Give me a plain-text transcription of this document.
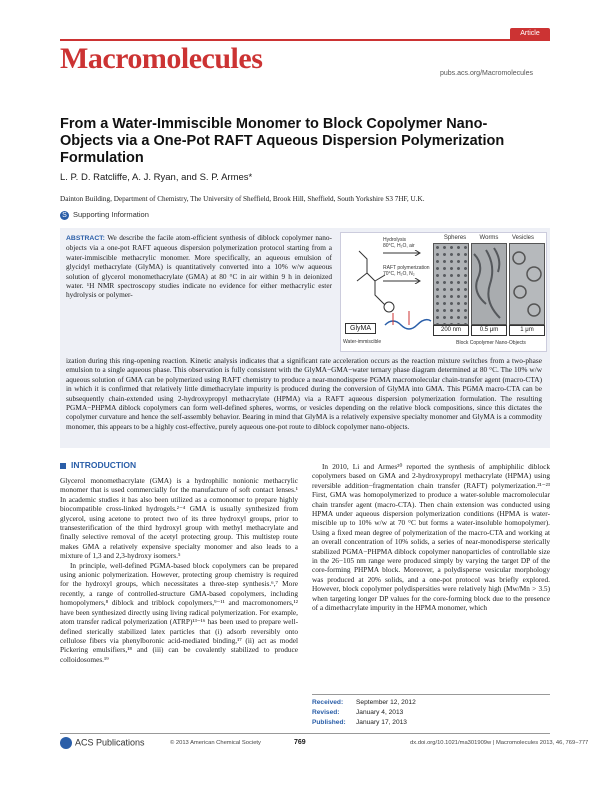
Article
Macromolecules	pubs.acs.org/Macromolecules
From a Water-Immiscible Monomer to Block Copolymer Nano-Objects via a One-Pot RAFT Aqueous Dispersion Polymerization Formulation
L. P. D. Ratcliffe, A. J. Ryan, and S. P. Armes*
Dainton Building, Department of Chemistry, The University of Sheffield, Brook Hill, Sheffield, South Yorkshire S3 7HF, U.K.
S Supporting Information
ABSTRACT: We describe the facile atom-efficient synthesis of diblock copolymer nano-objects via a one-pot RAFT aqueous dispersion polymerization protocol starting from a water-immiscible methacrylic monomer. More specifically, an aqueous emulsion of glycidyl methacrylate (GlyMA) is quantitatively converted into a 10% w/w aqueous solution of glycerol monomethacrylate (GMA) at 80 °C in air within 9 h in deionized water. ¹H NMR spectroscopy studies indicate no evidence for either methacrylic ester hydrolysis or polymer-
ization during this ring-opening reaction. Kinetic analysis indicates that a significant rate acceleration occurs as the reaction mixture switches from a two-phase emulsion to a single aqueous phase. This observation is fully consistent with the GlyMA−GMA−water ternary phase diagram determined at 80 °C. The 10% w/w aqueous solution of GMA can be polymerized using RAFT chemistry to produce a near-monodisperse PGMA macromolecular chain-transfer agent (macro-CTA) in which it is confirmed that relatively little dimethacrylate impurity is produced during the conversion of GlyMA into GMA. This PGMA macro-CTA can be subsequently chain-extended using 2-hydroxypropyl methacrylate (HPMA) via a RAFT aqueous dispersion polymerization formulation. The resulting PGMA−PHPMA diblock copolymers can form well-defined spheres, worms, or vesicles depending on the relative block compositions, since this dictates the copolymer curvature and hence the self-assembly behavior. Bearing in mind that GlyMA is a relatively expensive specialty monomer and GlyMA is a commodity monomer, this appears to be a highly cost-effective, purely aqueous one-pot route to diblock copolymer nano-objects.
GlyMA
Water-immiscible
Hydrolysis
80°C, H₂O, air
RAFT polymerization
70°C, H₂O, N₂
Spheres	Worms	Vesicles
200 nm	0.5 μm	1 μm
Block Copolymer Nano-Objects
INTRODUCTION

Glycerol monomethacrylate (GMA) is a hydrophilic nonionic methacrylic monomer that is used commercially for the manufacture of soft contact lenses.¹ In academic studies it has also been utilized as a comonomer to prepare highly biocompatible cross-linked hydrogels.²⁻⁴ GMA is usually synthesized from glycerol, using acetone to protect two of its three hydroxyl groups, prior to transesterification of the third hydroxyl group with methyl methacrylate and finally selective removal of the acetyl protecting group. This multistep route makes GMA a relatively expensive specialty monomer and also leads to a mixture of 1,3 and 2,3-hydroxy isomers.⁵

In principle, well-defined PGMA-based block copolymers can be prepared using anionic polymerization. However, protecting group chemistry is required for the hydroxyl groups, which necessitates a three-step synthesis.⁶,⁷ More recently, a range of controlled-structure GMA-based copolymers, including homopolymers,⁸ diblock and triblock copolymers,⁹⁻¹¹ and macromonomers,¹² have been synthesized directly using living radical polymerization. For example, atom transfer radical polymerization (ATRP)¹³⁻¹⁶ has been used to prepare well-defined sterically stabilized latex particles that (i) adsorb reversibly onto cellulose fibers via phenylboronic acid-mediated binding,¹⁷ (ii) act as model Pickering emulsifiers,¹⁸ and (iii) can be covalently stabilized to produce colloidosomes.¹⁹

In 2010, Li and Armes²⁰ reported the synthesis of amphiphilic diblock copolymers based on GMA and 2-hydroxypropyl methacrylate (HPMA) using reversible addition−fragmentation chain transfer (RAFT) polymerization.²¹⁻²³ First, GMA was homopolymerized to produce a water-soluble macromolecular chain transfer agent (macro-CTA). Then chain extension was conducted using HPMA under aqueous dispersion polymerization conditions (HPMA is water-miscible up to 10% w/w at 70 °C but forms a water-insoluble homopolymer). Using a fixed mean degree of polymerization of the macro-CTA and working at an overall concentration of 10% solids, a series of near-monodisperse sterically stabilized PGMA−PHPMA diblock copolymer nanoparticles of controllable size in the 26−105 nm range were produced simply by varying the target DP of the core-forming PHPMA block. Moreover, a polydisperse vesicular morphology was produced at 20% solids, and a one-pot protocol was briefly explored. However, block copolymer polydispersities were relatively high (Mw/Mn > 3.5) when targeting longer DP values for the core-forming block due to the presence of a dimethacrylate impurity in the HPMA monomer, which

Received: September 12, 2012
Revised:	January 4, 2013
Published: January 17, 2013
ACS Publications	© 2013 American Chemical Society	769	dx.doi.org/10.1021/ma301909w | Macromolecules 2013, 46, 769−777
